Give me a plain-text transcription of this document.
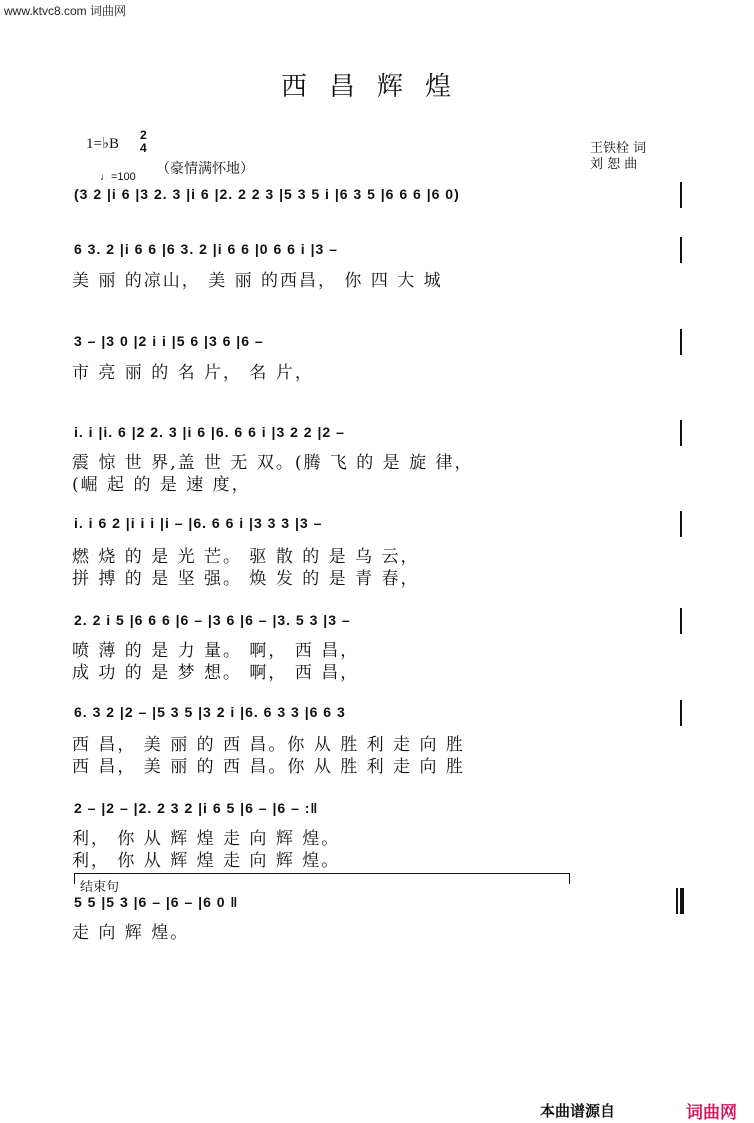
www.ktvc8.com 词曲网
西昌辉煌
1=♭B
2
4
（豪情满怀地）
♩=100
王铁栓 词
刘 恕 曲
(3 2 |i 6 |3 2. 3 |i 6 |2. 2 2 3 |5 3 5 i |6 3 5 |6 6 6 |6 0)
6 3. 2 |i 6 6 |6 3. 2 |i 6 6 |0 6 6 i |3 –
美 丽 的凉山， 美 丽 的西昌， 你 四 大 城
3 – |3 0 |2 i i |5 6 |3 6 |6 –
市 亮 丽 的 名 片， 名 片，
i. i |i. 6 |2 2. 3 |i 6 |6. 6 6 i |3 2 2 |2 –
震 惊 世 界,盖 世 无 双。(腾 飞 的 是 旋 律，
(崛 起 的 是 速 度，
i. i 6 2 |i i i |i – |6. 6 6 i |3 3 3 |3 –
燃 烧 的 是 光 芒。 驱 散 的 是 乌 云，
拼 搏 的 是 坚 强。 焕 发 的 是 青 春，
2. 2 i 5 |6 6 6 |6 – |3 6 |6 – |3. 5 3 |3 –
喷 薄 的 是 力 量。 啊， 西 昌，
成 功 的 是 梦 想。 啊， 西 昌，
6. 3 2 |2 – |5 3 5 |3 2 i |6. 6 3 3 |6 6 3
西 昌， 美 丽 的 西 昌。你 从 胜 利 走 向 胜
西 昌， 美 丽 的 西 昌。你 从 胜 利 走 向 胜
2 – |2 – |2. 2 3 2 |i 6 5 |6 – |6 – :‖
利， 你 从 辉 煌 走 向 辉 煌。
利， 你 从 辉 煌 走 向 辉 煌。
结束句
5 5 |5 3 |6 – |6 – |6 0 ‖
走 向 辉 煌。
本曲谱源自	词曲网
